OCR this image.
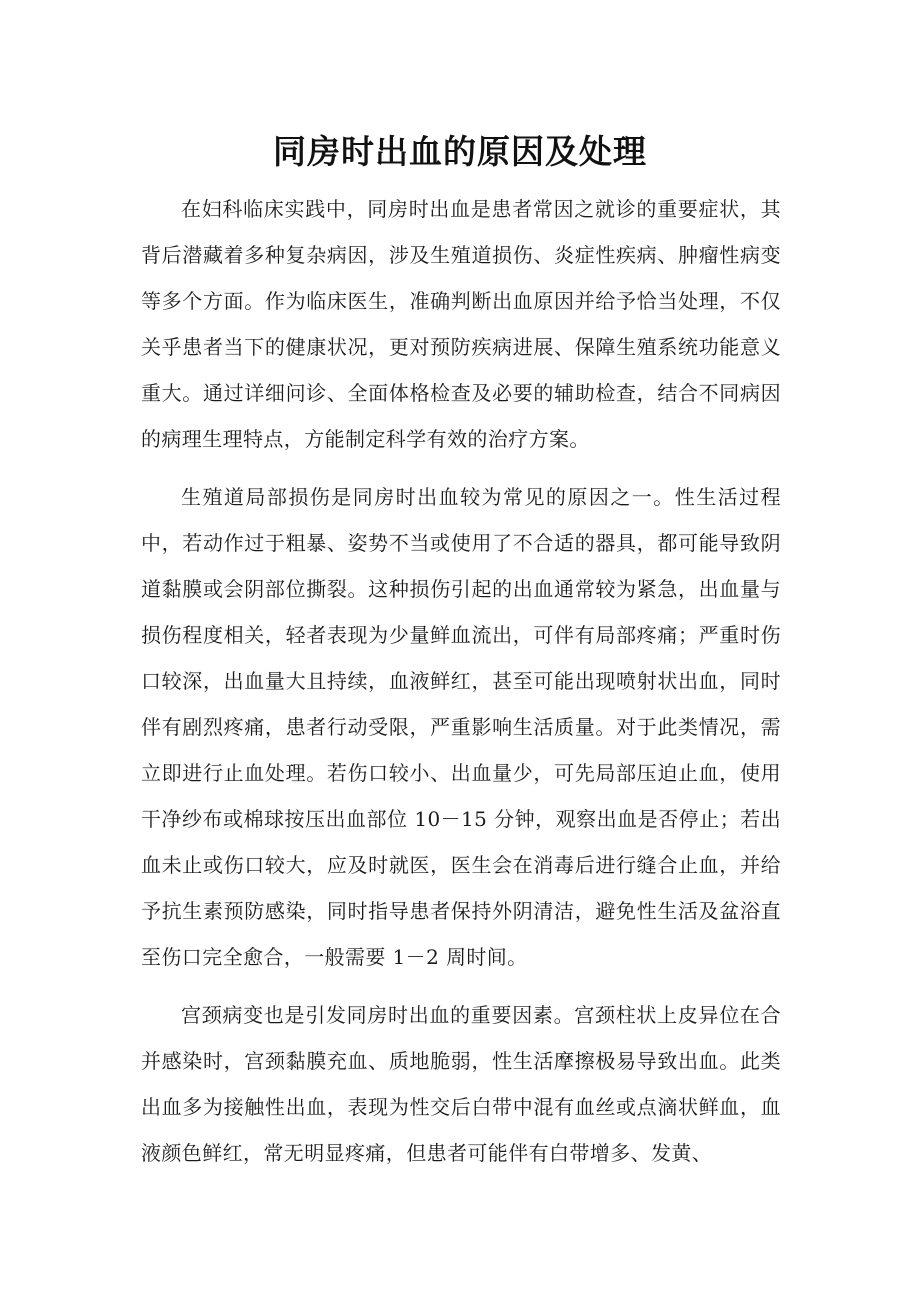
同房时出血的原因及处理

在妇科临床实践中，同房时出血是患者常因之就诊的重要症状，其背后潜藏着多种复杂病因，涉及生殖道损伤、炎症性疾病、肿瘤性病变等多个方面。作为临床医生，准确判断出血原因并给予恰当处理，不仅关乎患者当下的健康状况，更对预防疾病进展、保障生殖系统功能意义重大。通过详细问诊、全面体格检查及必要的辅助检查，结合不同病因的病理生理特点，方能制定科学有效的治疗方案。

生殖道局部损伤是同房时出血较为常见的原因之一。性生活过程中，若动作过于粗暴、姿势不当或使用了不合适的器具，都可能导致阴道黏膜或会阴部位撕裂。这种损伤引起的出血通常较为紧急，出血量与损伤程度相关，轻者表现为少量鲜血流出，可伴有局部疼痛；严重时伤口较深，出血量大且持续，血液鲜红，甚至可能出现喷射状出血，同时伴有剧烈疼痛，患者行动受限，严重影响生活质量。对于此类情况，需立即进行止血处理。若伤口较小、出血量少，可先局部压迫止血，使用干净纱布或棉球按压出血部位 10－15 分钟，观察出血是否停止；若出血未止或伤口较大，应及时就医，医生会在消毒后进行缝合止血，并给予抗生素预防感染，同时指导患者保持外阴清洁，避免性生活及盆浴直至伤口完全愈合，一般需要 1－2 周时间。

宫颈病变也是引发同房时出血的重要因素。宫颈柱状上皮异位在合并感染时，宫颈黏膜充血、质地脆弱，性生活摩擦极易导致出血。此类出血多为接触性出血，表现为性交后白带中混有血丝或点滴状鲜血，血液颜色鲜红，常无明显疼痛，但患者可能伴有白带增多、发黄、
